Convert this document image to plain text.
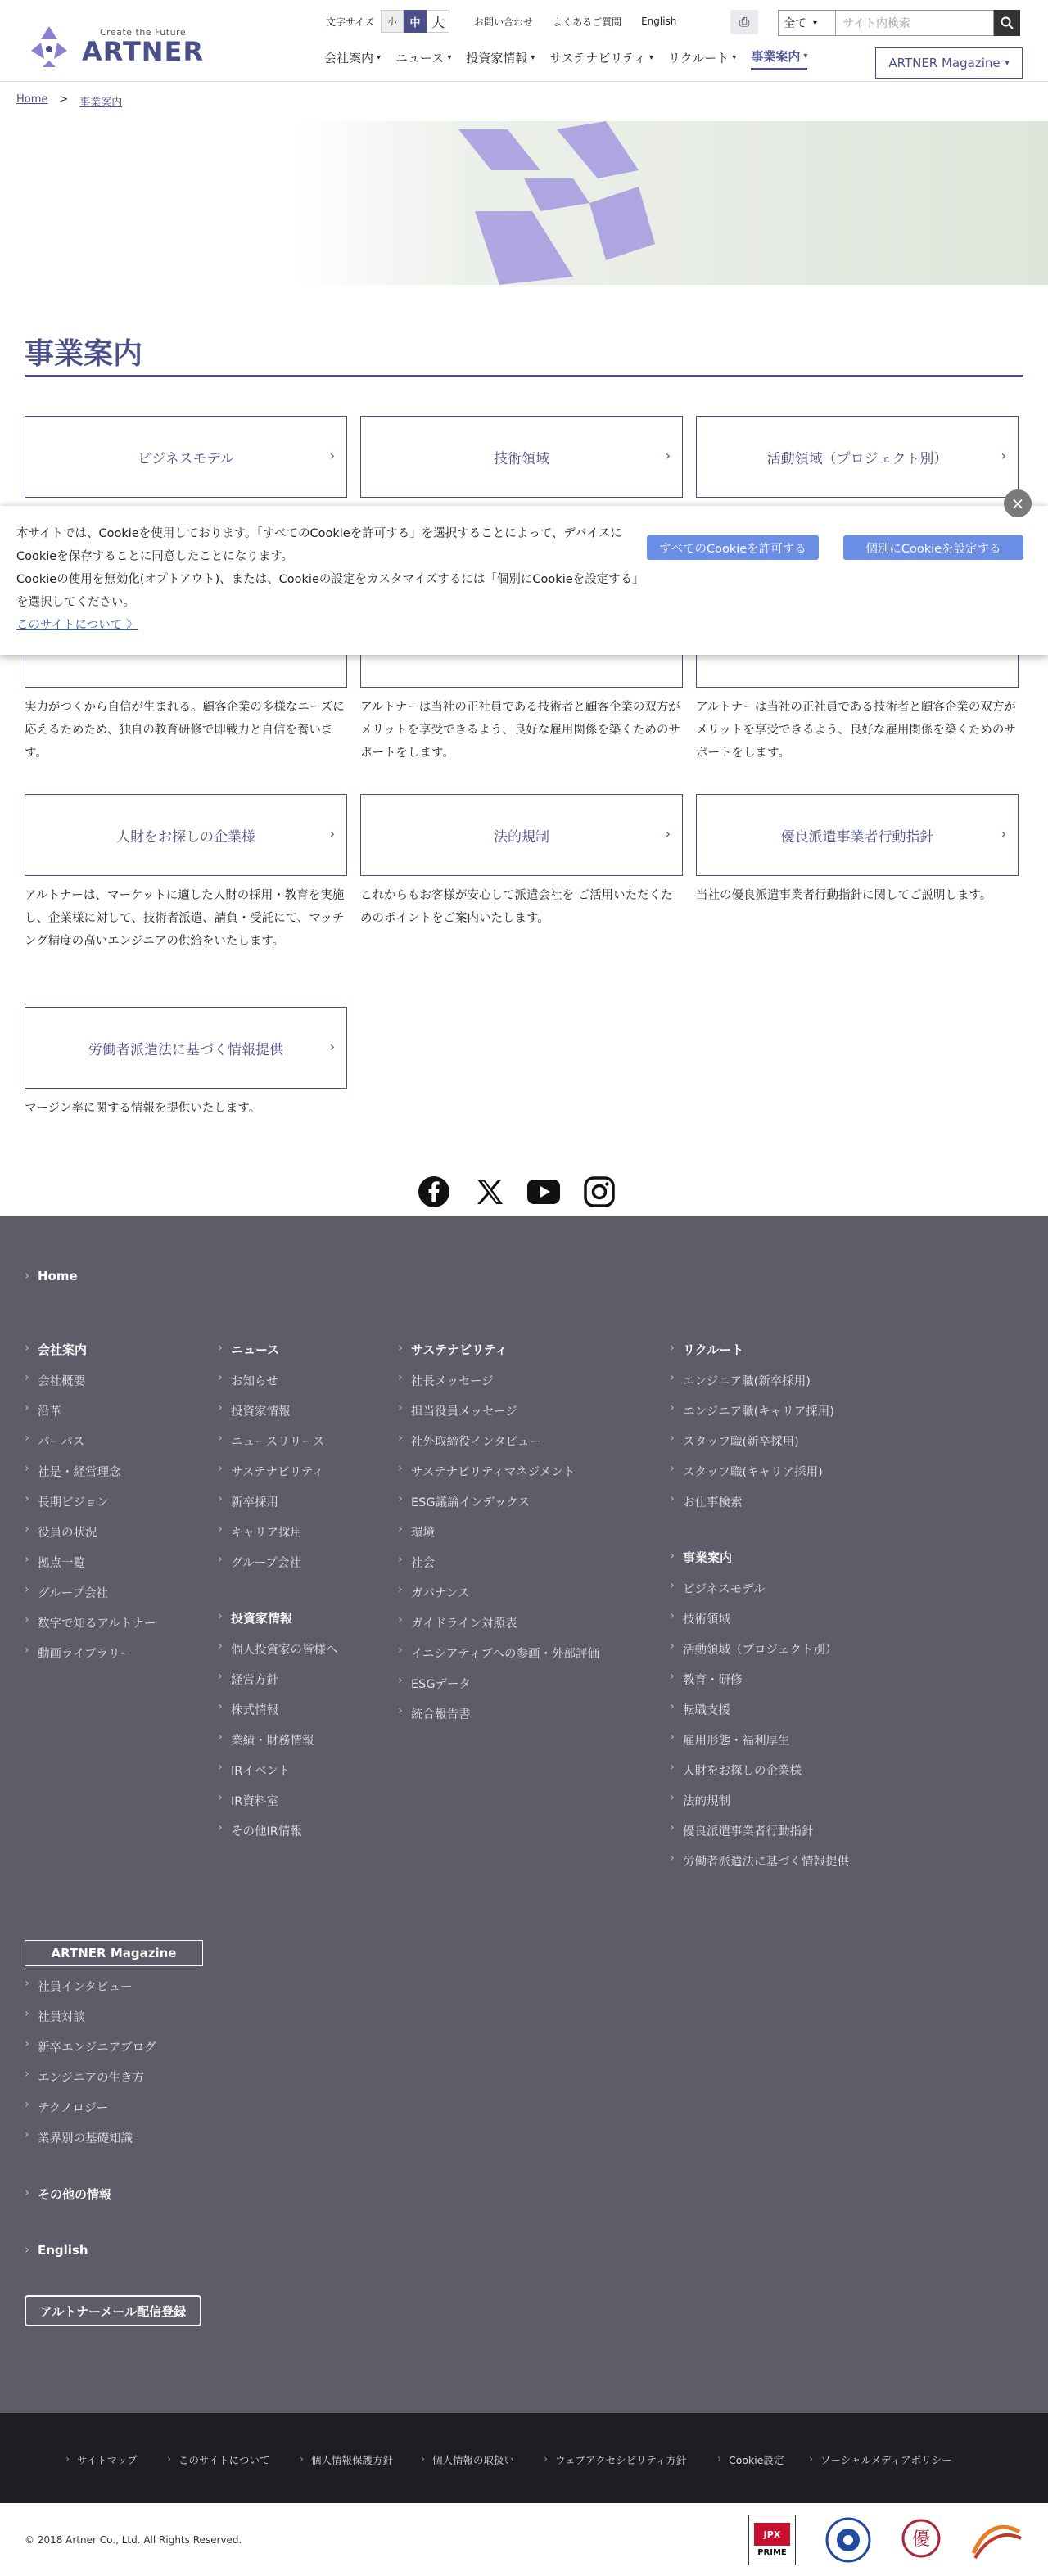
Create the Future
ARTNER
文字サイズ	小	中 大	お問い合わせ よくあるご質問 English	⎙	全て ▾	サイト内検索
会社案内 ▾ ニュース ▾ 投資家情報 ▾ サステナビリティ ▾ リクルート ▾ 事業案内 ▾	ARTNER Magazine ▾
Home > 事業案内
事業案内
ビジネスモデル	›	技術領域	›	活動領域（プロジェクト別）	›

実力がつくから自信が生まれる。顧客企業の多様なニーズに応えるためため、独自の教育研修で即戦力と自信を養います。

アルトナーは当社の正社員である技術者と顧客企業の双方がメリットを享受できるよう、良好な雇用関係を築くためのサポートをします。

アルトナーは当社の正社員である技術者と顧客企業の双方がメリットを享受できるよう、良好な雇用関係を築くためのサポートをします。

人財をお探しの企業様	›	法的規制	›	優良派遣事業者行動指針	›

アルトナーは、マーケットに適した人財の採用・教育を実施し、企業様に対して、技術者派遣、請負・受託にて、マッチング精度の高いエンジニアの供給をいたします。

これからもお客様が安心して派遣会社を ご活用いただくためのポイントをご案内いたします。

当社の優良派遣事業者行動指針に関してご説明します。

労働者派遣法に基づく情報提供	›

マージン率に関する情報を提供いたします。

×
本サイトでは、Cookieを使用しております。「すべてのCookieを許可する」を選択することによって、デバイスにCookieを保存することに同意したことになります。
Cookieの使用を無効化(オプトアウト)、または、Cookieの設定をカスタマイズするには「個別にCookieを設定する」を選択してください。
このサイトについて 》
すべてのCookieを許可する	個別にCookieを設定する
› Home
› 会社案内
› 会社概要
› 沿革
› パーパス
› 社是・経営理念
› 長期ビジョン
› 役員の状況
› 拠点一覧
› グループ会社
› 数字で知るアルトナー
› 動画ライブラリー
› ニュース
› お知らせ
› 投資家情報
› ニュースリリース
› サステナビリティ
› 新卒採用
› キャリア採用
› グループ会社
› 投資家情報
› 個人投資家の皆様へ
› 経営方針
› 株式情報
› 業績・財務情報
› IRイベント
› IR資料室
› その他IR情報
› サステナビリティ
› 社長メッセージ
› 担当役員メッセージ
› 社外取締役インタビュー
› サステナビリティマネジメント
› ESG議論インデックス
› 環境
› 社会
› ガバナンス
› ガイドライン対照表
› イニシアティブへの参画・外部評価
› ESGデータ
› 統合報告書
› リクルート
› エンジニア職(新卒採用)
› エンジニア職(キャリア採用)
› スタッフ職(新卒採用)
› スタッフ職(キャリア採用)
› お仕事検索
› 事業案内
› ビジネスモデル
› 技術領域
› 活動領域（プロジェクト別）
› 教育・研修
› 転職支援
› 雇用形態・福利厚生
› 人財をお探しの企業様
› 法的規制
› 優良派遣事業者行動指針
› 労働者派遣法に基づく情報提供
ARTNER Magazine
› 社員インタビュー
› 社員対談
› 新卒エンジニアブログ
› エンジニアの生き方
› テクノロジー
› 業界別の基礎知識
› その他の情報
› English
アルトナーメール配信登録
› サイトマップ	› このサイトについて	› 個人情報保護方針	› 個人情報の取扱い	› ウェブアクセシビリティ方針	› Cookie設定	› ソーシャルメディアポリシー
© 2018 Artner Co., Ltd. All Rights Reserved.	JPX
PRIME
優
